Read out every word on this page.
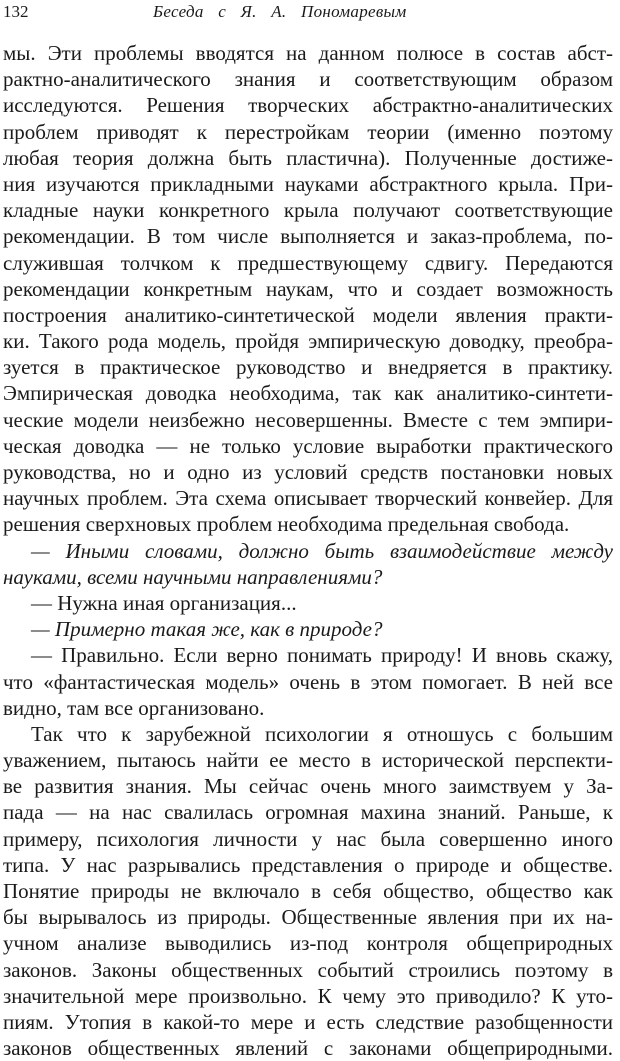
132	Беседа с Я. А. Пономаревым
мы. Эти проблемы вводятся на данном полюсе в состав абст-
рактно-аналитического знания и соответствующим образом
исследуются. Решения творческих абстрактно-аналитических
проблем приводят к перестройкам теории (именно поэтому
любая теория должна быть пластична). Полученные достиже-
ния изучаются прикладными науками абстрактного крыла. При-
кладные науки конкретного крыла получают соответствующие
рекомендации. В том числе выполняется и заказ-проблема, по-
служившая толчком к предшествующему сдвигу. Передаются
рекомендации конкретным наукам, что и создает возможность
построения аналитико-синтетической модели явления практи-
ки. Такого рода модель, пройдя эмпирическую доводку, преобра-
зуется в практическое руководство и внедряется в практику.
Эмпирическая доводка необходима, так как аналитико-синтети-
ческие модели неизбежно несовершенны. Вместе с тем эмпири-
ческая доводка — не только условие выработки практического
руководства, но и одно из условий средств постановки новых
научных проблем. Эта схема описывает творческий конвейер. Для
решения сверхновых проблем необходима предельная свобода.
— Иными словами, должно быть взаимодействие между
науками, всеми научными направлениями?
— Нужна иная организация...
— Примерно такая же, как в природе?
— Правильно. Если верно понимать природу! И вновь скажу,
что «фантастическая модель» очень в этом помогает. В ней все
видно, там все организовано.
Так что к зарубежной психологии я отношусь с большим
уважением, пытаюсь найти ее место в исторической перспекти-
ве развития знания. Мы сейчас очень много заимствуем у За-
пада — на нас свалилась огромная махина знаний. Раньше, к
примеру, психология личности у нас была совершенно иного
типа. У нас разрывались представления о природе и обществе.
Понятие природы не включало в себя общество, общество как
бы вырывалось из природы. Общественные явления при их на-
учном анализе выводились из-под контроля общеприродных
законов. Законы общественных событий строились поэтому в
значительной мере произвольно. К чему это приводило? К уто-
пиям. Утопия в какой-то мере и есть следствие разобщенности
законов общественных явлений с законами общеприродными.
